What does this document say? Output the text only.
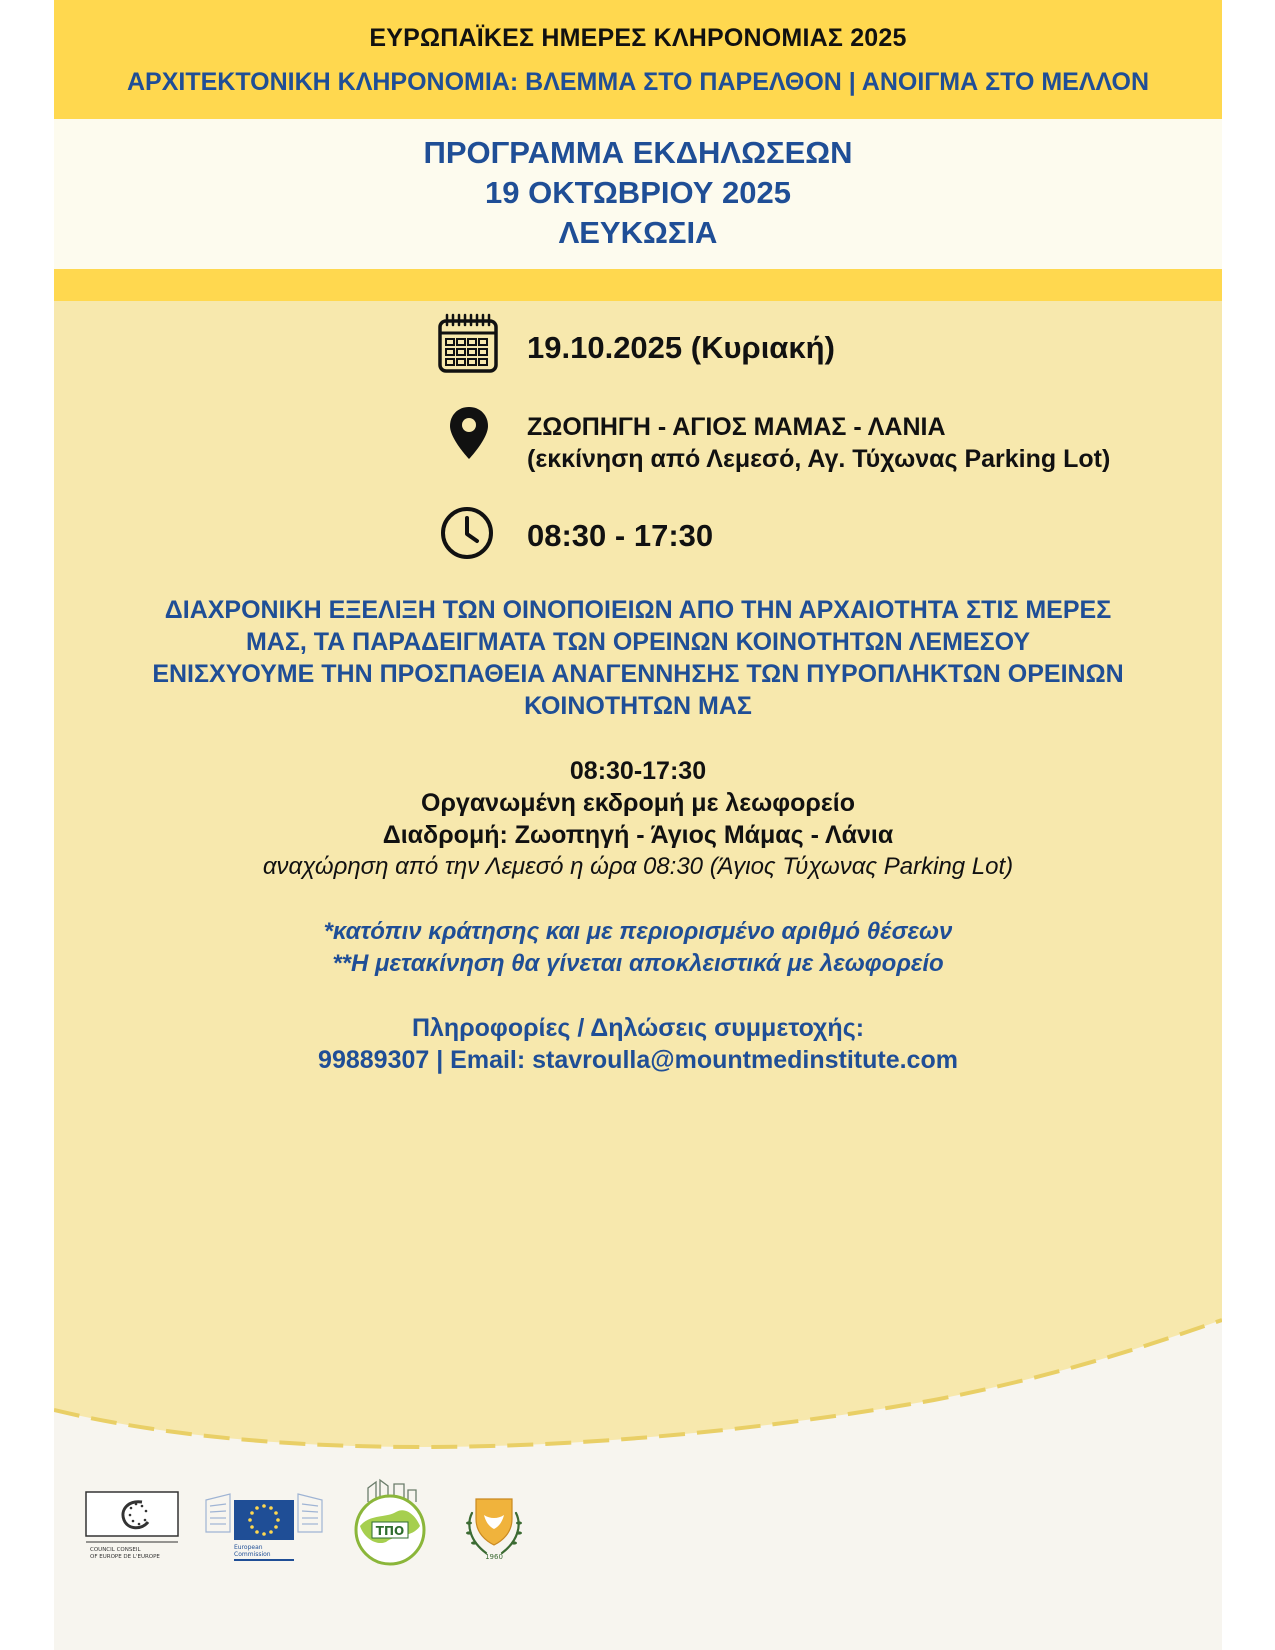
ΕΥΡΩΠΑΪΚΕΣ ΗΜΕΡΕΣ ΚΛΗΡΟΝΟΜΙΑΣ 2025
ΑΡΧΙΤΕΚΤΟΝΙΚΗ ΚΛΗΡΟΝΟΜΙΑ: ΒΛΕΜΜΑ ΣΤΟ ΠΑΡΕΛΘΟΝ | ΑΝΟΙΓΜΑ ΣΤΟ ΜΕΛΛΟΝ
ΠΡΟΓΡΑΜΜΑ ΕΚΔΗΛΩΣΕΩΝ
19 ΟΚΤΩΒΡΙΟΥ 2025
ΛΕΥΚΩΣΙΑ
19.10.2025 (Κυριακή)
ΖΩΟΠΗΓΗ - ΑΓΙΟΣ ΜΑΜΑΣ - ΛΑΝΙΑ
(εκκίνηση από Λεμεσό, Αγ. Τύχωνας Parking Lot)
08:30 - 17:30
ΔΙΑΧΡΟΝΙΚΗ ΕΞΕΛΙΞΗ ΤΩΝ ΟΙΝΟΠΟΙΕΙΩΝ ΑΠΟ ΤΗΝ ΑΡΧΑΙΟΤΗΤΑ ΣΤΙΣ ΜΕΡΕΣ
ΜΑΣ, ΤΑ ΠΑΡΑΔΕΙΓΜΑΤΑ ΤΩΝ ΟΡΕΙΝΩΝ ΚΟΙΝΟΤΗΤΩΝ ΛΕΜΕΣΟΥ
ΕΝΙΣΧΥΟΥΜΕ ΤΗΝ ΠΡΟΣΠΑΘΕΙΑ ΑΝΑΓΕΝΝΗΣΗΣ ΤΩΝ ΠΥΡΟΠΛΗΚΤΩΝ ΟΡΕΙΝΩΝ
ΚΟΙΝΟΤΗΤΩΝ ΜΑΣ
08:30-17:30
Οργανωμένη εκδρομή με λεωφορείο
Διαδρομή: Ζωοπηγή - Άγιος Μάμας - Λάνια
αναχώρηση από την Λεμεσό η ώρα 08:30 (Άγιος Τύχωνας Parking Lot)
*κατόπιν κράτησης και με περιορισμένο αριθμό θέσεων
**Η μετακίνηση θα γίνεται αποκλειστικά με λεωφορείο
Πληροφορίες / Δηλώσεις συμμετοχής:
99889307 | Email: stavroulla@mountmedinstitute.com
COUNCIL CONSEIL
OF EUROPE DE L'EUROPE
European
Commission
ΤΠΟ
1960
